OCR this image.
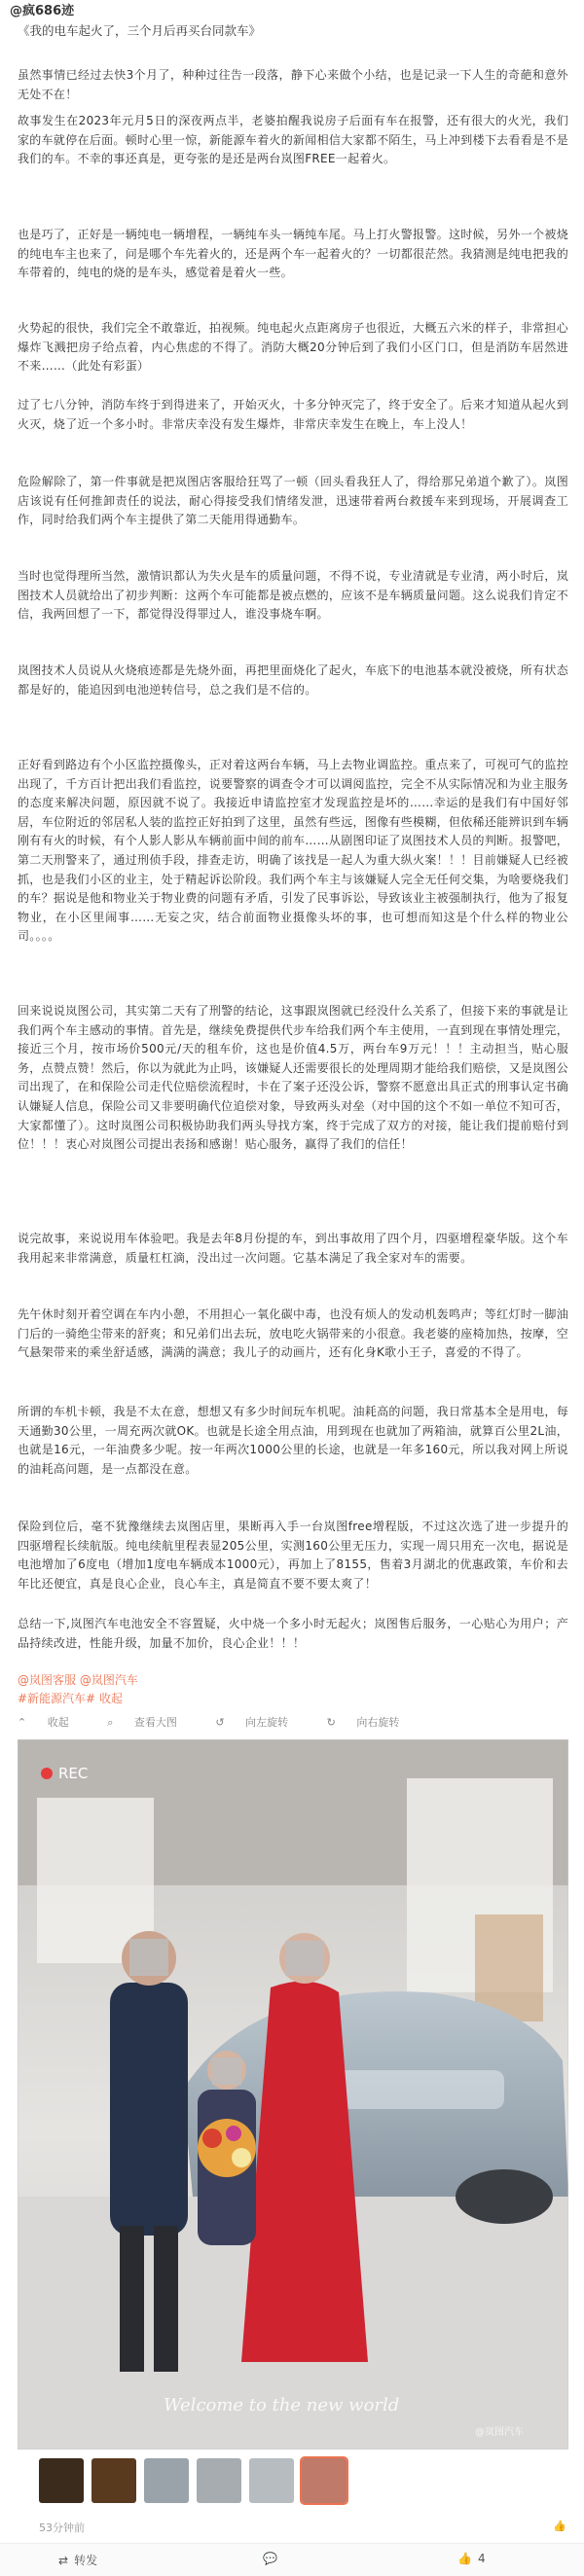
@疯686迹
《我的电车起火了，三个月后再买台同款车》
虽然事情已经过去快3个月了，种种过往告一段落，静下心来做个小结，也是记录一下人生的奇葩和意外无处不在！
故事发生在2023年元月5日的深夜两点半，老婆拍醒我说房子后面有车在报警，还有很大的火光，我们家的车就停在后面。顿时心里一惊，新能源车着火的新闻相信大家都不陌生，马上冲到楼下去看看是不是我们的车。不幸的事还真是，更夸张的是还是两台岚图FREE一起着火。
也是巧了，正好是一辆纯电一辆增程，一辆纯车头一辆纯车尾。马上打火警报警。这时候，另外一个被烧的纯电车主也来了，问是哪个车先着火的，还是两个车一起着火的？一切都很茫然。我猜测是纯电把我的车带着的，纯电的烧的是车头，感觉着是着火一些。
火势起的很快，我们完全不敢靠近，拍视频。纯电起火点距离房子也很近，大概五六米的样子，非常担心爆炸飞溅把房子给点着，内心焦虑的不得了。消防大概20分钟后到了我们小区门口，但是消防车居然进不来……（此处有彩蛋）
过了七八分钟，消防车终于到得进来了，开始灭火，十多分钟灭完了，终于安全了。后来才知道从起火到火灭，烧了近一个多小时。非常庆幸没有发生爆炸，非常庆幸发生在晚上，车上没人！
危险解除了，第一件事就是把岚图店客服给狂骂了一顿（回头看我狂人了，得给那兄弟道个歉了）。岚图店该说有任何推卸责任的说法，耐心得接受我们情绪发泄，迅速带着两台救援车来到现场，开展调查工作，同时给我们两个车主提供了第二天能用得通勤车。
当时也觉得理所当然，激情识都认为失火是车的质量问题，不得不说，专业清就是专业清，两小时后，岚图技术人员就给出了初步判断：这两个车可能都是被点燃的，应该不是车辆质量问题。这么说我们肯定不信，我两回想了一下，都觉得没得罪过人，谁没事烧车啊。
岚图技术人员说从火烧痕迹都是先烧外面，再把里面烧化了起火，车底下的电池基本就没被烧，所有状态都是好的，能追因到电池逆转信号，总之我们是不信的。
正好看到路边有个小区监控摄像头，正对着这两台车辆，马上去物业调监控。重点来了，可视可气的监控出现了，千方百计把出我们看监控，说要警察的调查令才可以调阅监控，完全不从实际情况和为业主服务的态度来解决问题，原因就不说了。我接近申请监控室才发现监控是坏的……幸运的是我们有中国好邻居，车位附近的邻居私人装的监控正好拍到了这里，虽然有些远，图像有些模糊，但依稀还能辨识到车辆刚有有火的时候，有个人影人影从车辆前面中间的前车……从剧图印证了岚图技术人员的判断。报警吧，第二天刑警来了，通过刑侦手段，排查走访，明确了该找是一起人为重大纵火案！！！目前嫌疑人已经被抓，也是我们小区的业主，处于精起诉讼阶段。我们两个车主与该嫌疑人完全无任何交集，为啥要烧我们的车？据说是他和物业关于物业费的问题有矛盾，引发了民事诉讼，导致该业主被强制执行，他为了报复物业，在小区里闹事……无妄之灾，结合前面物业摄像头坏的事，也可想而知这是个什么样的物业公司。。。。
回来说说岚图公司，其实第二天有了刑警的结论，这事跟岚图就已经没什么关系了，但接下来的事就是让我们两个车主感动的事情。首先是，继续免费提供代步车给我们两个车主使用，一直到现在事情处理完，接近三个月，按市场价500元/天的租车价，这也是价值4.5万，两台车9万元！！！主动担当，贴心服务，点赞点赞！然后，你以为就此为止吗，该嫌疑人还需要很长的处理周期才能给我们赔偿，又是岚图公司出现了，在和保险公司走代位赔偿流程时，卡在了案子还没公诉，警察不愿意出具正式的刑事认定书确认嫌疑人信息，保险公司又非要明确代位追偿对象，导致两头对垒（对中国的这个不如一单位不知可否，大家都懂了）。这时岚图公司积极协助我们两头导找方案，终于完成了双方的对接，能让我们提前赔付到位！！！衷心对岚图公司提出表扬和感谢！贴心服务，赢得了我们的信任！
说完故事，来说说用车体验吧。我是去年8月份提的车，到出事故用了四个月，四驱增程豪华版。这个车我用起来非常满意，质量杠杠滴，没出过一次问题。它基本满足了我全家对车的需要。
先午休时刻开着空调在车内小憩，不用担心一氧化碳中毒，也没有烦人的发动机轰鸣声；等红灯时一脚油门后的一骑绝尘带来的舒爽；和兄弟们出去玩，放电吃火锅带来的小很意。我老婆的座椅加热，按摩，空气悬架带来的乘坐舒适感，满满的满意；我儿子的动画片，还有化身K歌小王子，喜爱的不得了。
所谓的车机卡顿，我是不太在意，想想又有多少时间玩车机呢。油耗高的问题，我日常基本全是用电，每天通勤30公里，一周充两次就OK。也就是长途全用点油，用到现在也就加了两箱油，就算百公里2L油，也就是16元，一年油费多少呢。按一年两次1000公里的长途，也就是一年多160元，所以我对网上所说的油耗高问题，是一点都没在意。
保险到位后，毫不犹豫继续去岚图店里，果断再入手一台岚图free增程版，不过这次选了进一步提升的四驱增程长续航版。纯电续航里程表显205公里，实测160公里无压力，实现一周只用充一次电，据说是电池增加了6度电（增加1度电车辆成本1000元），再加上了8155，售着3月湖北的优惠政策，车价和去年比还便宜，真是良心企业，良心车主，真是简直不要不要太爽了！
总结一下,岚图汽车电池安全不容置疑，火中烧一个多小时无起火；岚图售后服务，一心贴心为用户；产品持续改进，性能升级，加量不加价，良心企业！！！
@岚图客服 @岚图汽车
#新能源汽车# 收起
⌃ 收起	⌕ 查看大图	↺ 向左旋转	↻ 向右旋转
REC
Welcome to the new world
@岚图汽车
53分钟前	👍
⇄ 转发	💬	👍 4
